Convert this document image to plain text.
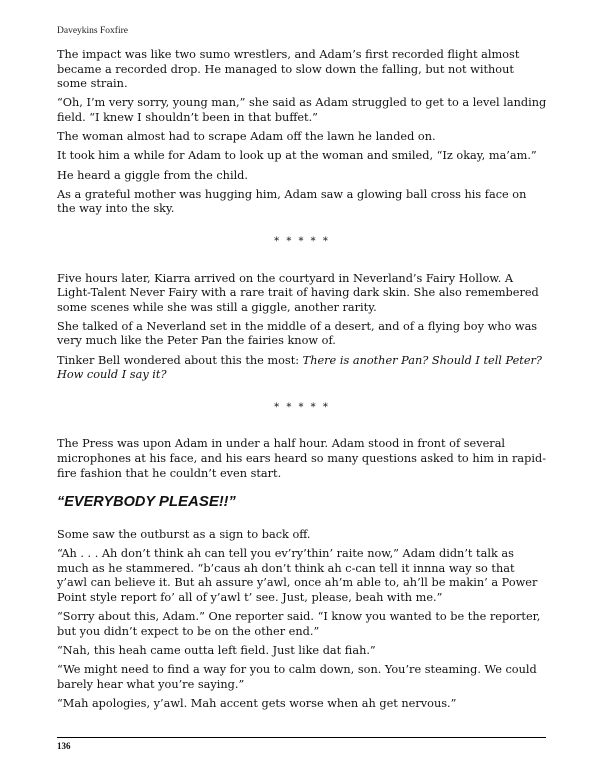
Daveykins Foxfire

The impact was like two sumo wrestlers, and Adam’s first recorded flight almost became a recorded drop. He managed to slow down the falling, but not without some strain.

“Oh, I’m very sorry, young man,” she said as Adam struggled to get to a level landing field. “I knew I shouldn’t been in that buffet.”

The woman almost had to scrape Adam off the lawn he landed on.

It took him a while for Adam to look up at the woman and smiled, “Iz okay, ma’am.”

He heard a giggle from the child.

As a grateful mother was hugging him, Adam saw a glowing ball cross his face on the way into the sky.

* * * * *

Five hours later, Kiarra arrived on the courtyard in Neverland’s Fairy Hollow. A Light-Talent Never Fairy with a rare trait of having dark skin. She also remembered some scenes while she was still a giggle, another rarity.

She talked of a Neverland set in the middle of a desert, and of a flying boy who was very much like the Peter Pan the fairies know of.

Tinker Bell wondered about this the most: There is another Pan? Should I tell Peter? How could I say it?

* * * * *

The Press was upon Adam in under a half hour. Adam stood in front of several microphones at his face, and his ears heard so many questions asked to him in rapid-fire fashion that he couldn’t even start.

“EVERYBODY PLEASE!!”

Some saw the outburst as a sign to back off.

“Ah . . . Ah don’t think ah can tell you ev’ry’thin’ raite now,” Adam didn’t talk as much as he stammered. “b’caus ah don’t think ah c-can tell it innna way so that y’awl can believe it. But ah assure y’awl, once ah’m able to, ah’ll be makin’ a Power Point style report fo’ all of y’awl t’ see. Just, please, beah with me.”

“Sorry about this, Adam.” One reporter said. “I know you wanted to be the reporter, but you didn’t expect to be on the other end.”

“Nah, this heah came outta left field. Just like dat fiah.”

“We might need to find a way for you to calm down, son. You’re steaming. We could barely hear what you’re saying.”

“Mah apologies, y’awl. Mah accent gets worse when ah get nervous.”

136
